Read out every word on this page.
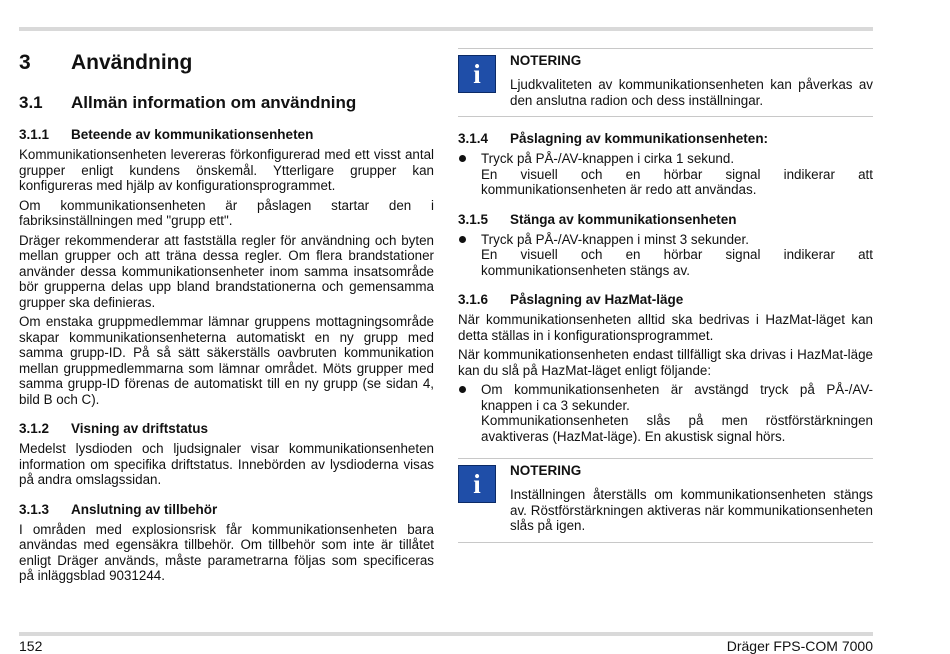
3	Användning
3.1	Allmän information om användning
3.1.1	Beteende av kommunikationsenheten

Kommunikationsenheten levereras förkonfigurerad med ett visst antal grupper enligt kundens önskemål. Ytterligare grupper kan konfigureras med hjälp av konfigurationsprogrammet.

Om kommunikationsenheten är påslagen startar den i fabriksinställningen med "grupp ett".

Dräger rekommenderar att fastställa regler för användning och byten mellan grupper och att träna dessa regler. Om flera brandstationer använder dessa kommunikationsenheter inom samma insatsområde bör grupperna delas upp bland brandstationerna och gemensamma grupper ska definieras.

Om enstaka gruppmedlemmar lämnar gruppens mottagningsområde skapar kommunikationsenheterna automatiskt en ny grupp med samma grupp-ID. På så sätt säkerställs oavbruten kommunikation mellan gruppmedlemmarna som lämnar området. Möts grupper med samma grupp-ID förenas de automatiskt till en ny grupp (se sidan 4, bild B och C).

3.1.2	Visning av driftstatus

Medelst lysdioden och ljudsignaler visar kommunikationsenheten information om specifika driftstatus. Innebörden av lysdioderna visas på andra omslagssidan.

3.1.3	Anslutning av tillbehör

I områden med explosionsrisk får kommunikationsenheten bara användas med egensäkra tillbehör. Om tillbehör som inte är tillåtet enligt Dräger används, måste parametrarna följas som specificeras på inläggsblad 9031244.

i	NOTERING

Ljudkvaliteten av kommunikationsenheten kan påverkas av den anslutna radion och dess inställningar.

3.1.4	Påslagning av kommunikationsenheten:
Tryck på PÅ-/AV-knappen i cirka 1 sekund.
En visuell och en hörbar signal indikerar att kommunikationsenheten är redo att användas.
3.1.5	Stänga av kommunikationsenheten
Tryck på PÅ-/AV-knappen i minst 3 sekunder.
En visuell och en hörbar signal indikerar att kommunikationsenheten stängs av.
3.1.6	Påslagning av HazMat-läge

När kommunikationsenheten alltid ska bedrivas i HazMat-läget kan detta ställas in i konfigurationsprogrammet.

När kommunikationsenheten endast tillfälligt ska drivas i HazMat-läge kan du slå på HazMat-läget enligt följande:

Om kommunikationsenheten är avstängd tryck på PÅ-/AV-knappen i ca 3 sekunder.
Kommunikationsenheten slås på men röstförstärkningen avaktiveras (HazMat-läge). En akustisk signal hörs.
i	NOTERING

Inställningen återställs om kommunikationsenheten stängs av. Röstförstärkningen aktiveras när kommunikationsenheten slås på igen.

152	Dräger FPS-COM 7000
